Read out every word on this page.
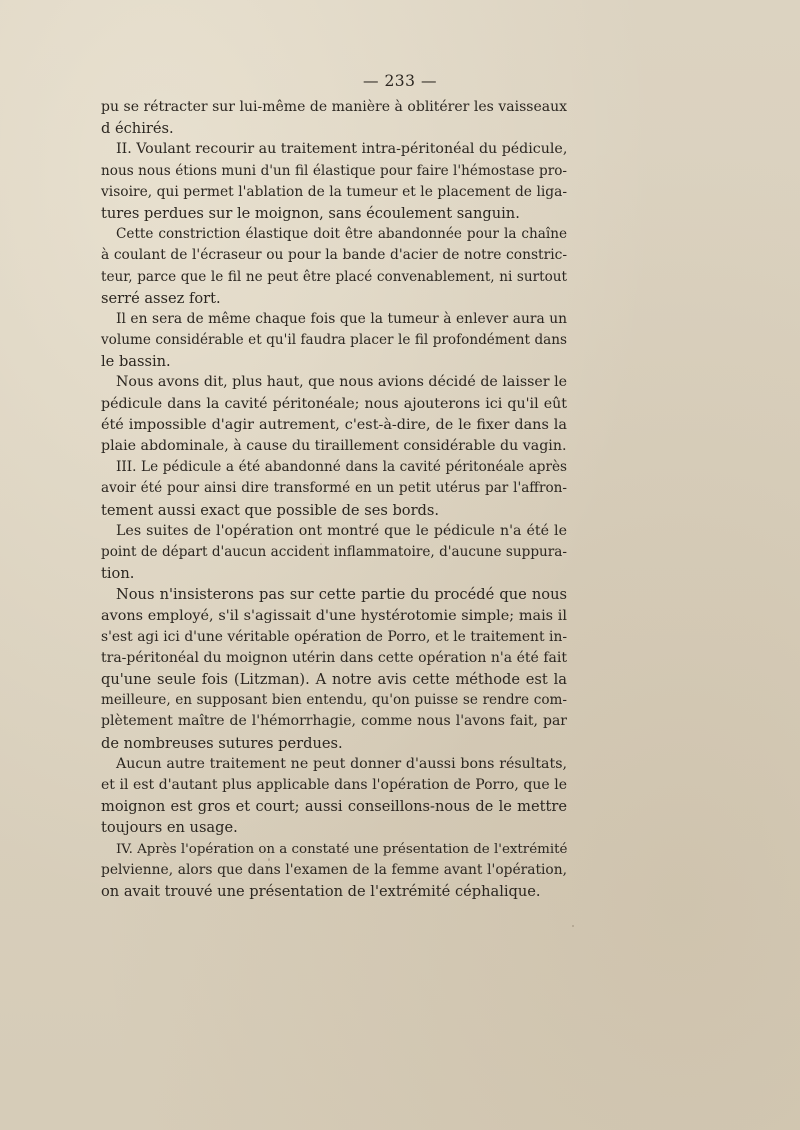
— 233 —
pu se rétracter sur lui-même de manière à oblitérer les vaisseaux
d échirés.
II. Voulant recourir au traitement intra-péritonéal du pédicule,
nous nous étions muni d'un fil élastique pour faire l'hémostase pro-
visoire, qui permet l'ablation de la tumeur et le placement de liga-
tures perdues sur le moignon, sans écoulement sanguin.
Cette constriction élastique doit être abandonnée pour la chaîne
à coulant de l'écraseur ou pour la bande d'acier de notre constric-
teur, parce que le fil ne peut être placé convenablement, ni surtout
serré assez fort.
Il en sera de même chaque fois que la tumeur à enlever aura un
volume considérable et qu'il faudra placer le fil profondément dans
le bassin.
Nous avons dit, plus haut, que nous avions décidé de laisser le
pédicule dans la cavité péritonéale; nous ajouterons ici qu'il eût
été impossible d'agir autrement, c'est-à-dire, de le fixer dans la
plaie abdominale, à cause du tiraillement considérable du vagin.
III. Le pédicule a été abandonné dans la cavité péritonéale après
avoir été pour ainsi dire transformé en un petit utérus par l'affron-
tement aussi exact que possible de ses bords.
Les suites de l'opération ont montré que le pédicule n'a été le
point de départ d'aucun accident inflammatoire, d'aucune suppura-
tion.
Nous n'insisterons pas sur cette partie du procédé que nous
avons employé, s'il s'agissait d'une hystérotomie simple; mais il
s'est agi ici d'une véritable opération de Porro, et le traitement in-
tra-péritonéal du moignon utérin dans cette opération n'a été fait
qu'une seule fois (Litzman). A notre avis cette méthode est la
meilleure, en supposant bien entendu, qu'on puisse se rendre com-
plètement maître de l'hémorrhagie, comme nous l'avons fait, par
de nombreuses sutures perdues.
Aucun autre traitement ne peut donner d'aussi bons résultats,
et il est d'autant plus applicable dans l'opération de Porro, que le
moignon est gros et court; aussi conseillons-nous de le mettre
toujours en usage.
IV. Après l'opération on a constaté une présentation de l'extrémité
pelvienne, alors que dans l'examen de la femme avant l'opération,
on avait trouvé une présentation de l'extrémité céphalique.
